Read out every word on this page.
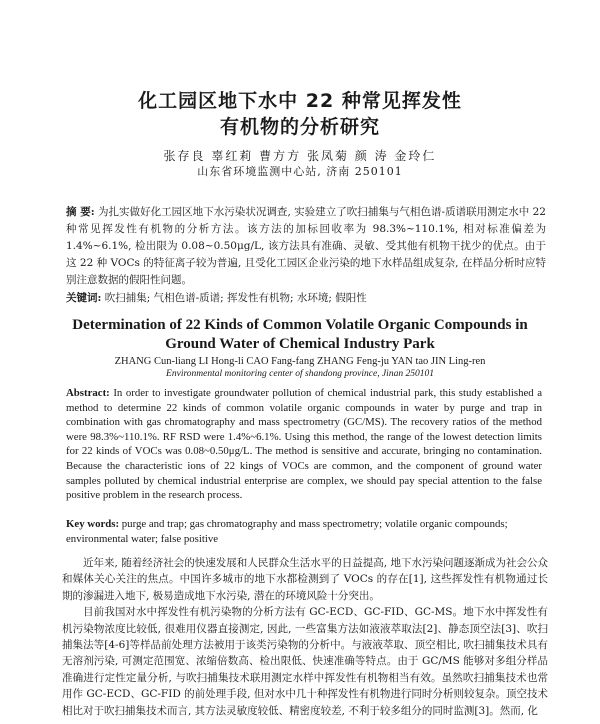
化工园区地下水中 22 种常见挥发性
有机物的分析研究
张存良 辜红莉 曹方方 张凤菊 颜 涛 金玲仁
山东省环境监测中心站, 济南 250101
摘 要: 为扎实做好化工园区地下水污染状况调查, 实验建立了吹扫捕集与气相色谱-质谱联用测定水中 22 种常见挥发性有机物的分析方法。该方法的加标回收率为 98.3%~110.1%, 相对标准偏差为 1.4%~6.1%, 检出限为 0.08~0.50μg/L, 该方法具有准确、灵敏、受其他有机物干扰少的优点。由于这 22 种 VOCs 的特征离子较为普遍, 且受化工园区企业污染的地下水样品组成复杂, 在样品分析时应特别注意数据的假阳性问题。
关键词: 吹扫捕集; 气相色谱-质谱; 挥发性有机物; 水环境; 假阳性
Determination of 22 Kinds of Common Volatile Organic Compounds in
Ground Water of Chemical Industry Park
ZHANG Cun-liang LI Hong-li CAO Fang-fang ZHANG Feng-ju YAN tao JIN Ling-ren
Environmental monitoring center of shandong province, Jinan 250101
Abstract: In order to investigate groundwater pollution of chemical industrial park, this study established a method to determine 22 kinds of common volatile organic compounds in water by purge and trap in combination with gas chromatography and mass spectrometry (GC/MS). The recovery ratios of the method were 98.3%~110.1%. RF RSD were 1.4%~6.1%. Using this method, the range of the lowest detection limits for 22 kinds of VOCs was 0.08~0.50μg/L. The method is sensitive and accurate, bringing no contamination. Because the characteristic ions of 22 kings of VOCs are common, and the component of ground water samples polluted by chemical industrial enterprise are complex, we should pay special attention to the false positive problem in the research process.
Key words: purge and trap; gas chromatography and mass spectrometry; volatile organic compounds; environmental water; false positive

近年来, 随着经济社会的快速发展和人民群众生活水平的日益提高, 地下水污染问题逐渐成为社会公众和媒体关心关注的焦点。中国许多城市的地下水都检测到了 VOCs 的存在[1], 这些挥发性有机物通过长期的渗漏进入地下, 极易造成地下水污染, 潜在的环境风险十分突出。

目前我国对水中挥发性有机污染物的分析方法有 GC-ECD、GC-FID、GC-MS。地下水中挥发性有机污染物浓度比较低, 很难用仪器直接测定, 因此, 一些富集方法如液液萃取法[2]、静态顶空法[3]、吹扫捕集法等[4-6]等样品前处理方法被用于该类污染物的分析中。与液液萃取、顶空相比, 吹扫捕集技术具有无溶剂污染, 可测定范围宽、浓缩倍数高、检出限低、快速准确等特点。由于 GC/MS 能够对多组分样品准确进行定性定量分析, 与吹扫捕集技术联用测定水样中挥发性有机物相当有效。虽然吹扫捕集技术也常用作 GC-ECD、GC-FID 的前处理手段, 但对水中几十种挥发性有机物进行同时分析则较复杂。顶空技术相比对于吹扫捕集技术而言, 其方法灵敏度较低、精密度较差, 不利于较多组分的同时监测[3]。然而, 化
